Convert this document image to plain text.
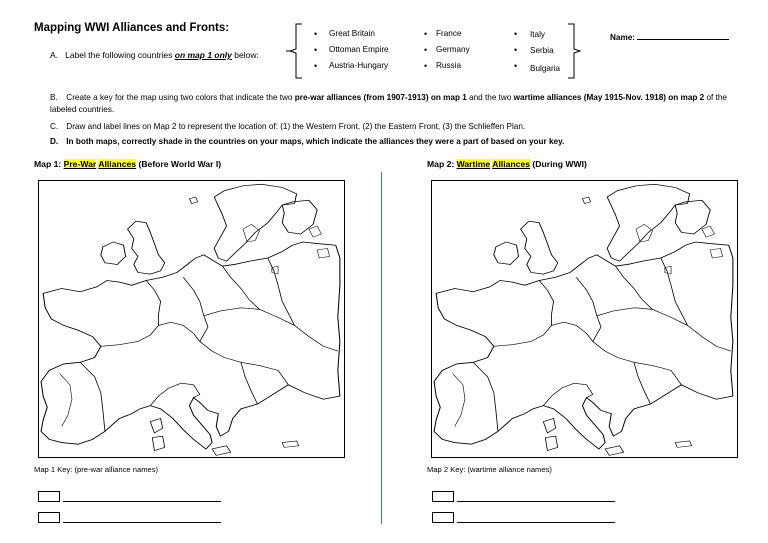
Mapping WWI Alliances and Fronts:
A. Label the following countries on map 1 only below:
• Great Britain	• France	• Italy
• Ottoman Empire	• Germany	• Serbia
• Austria-Hungary	• Russia	• Bulgaria
Name:
B. Create a key for the map using two colors that indicate the two pre-war alliances (from 1907-1913) on map 1 and the two wartime alliances (May 1915-Nov. 1918) on map 2 of the labeled countries.
C. Draw and label lines on Map 2 to represent the location of: (1) the Western Front, (2) the Eastern Front, (3) the Schlieffen Plan.
D. In both maps, correctly shade in the countries on your maps, which indicate the alliances they were a part of based on your key.
Map 1: Pre-War Alliances (Before World War I)	Map 2: Wartime Alliances (During WWI)
Map 1 Key: (pre-war alliance names)	Map 2 Key: (wartime alliance names)
